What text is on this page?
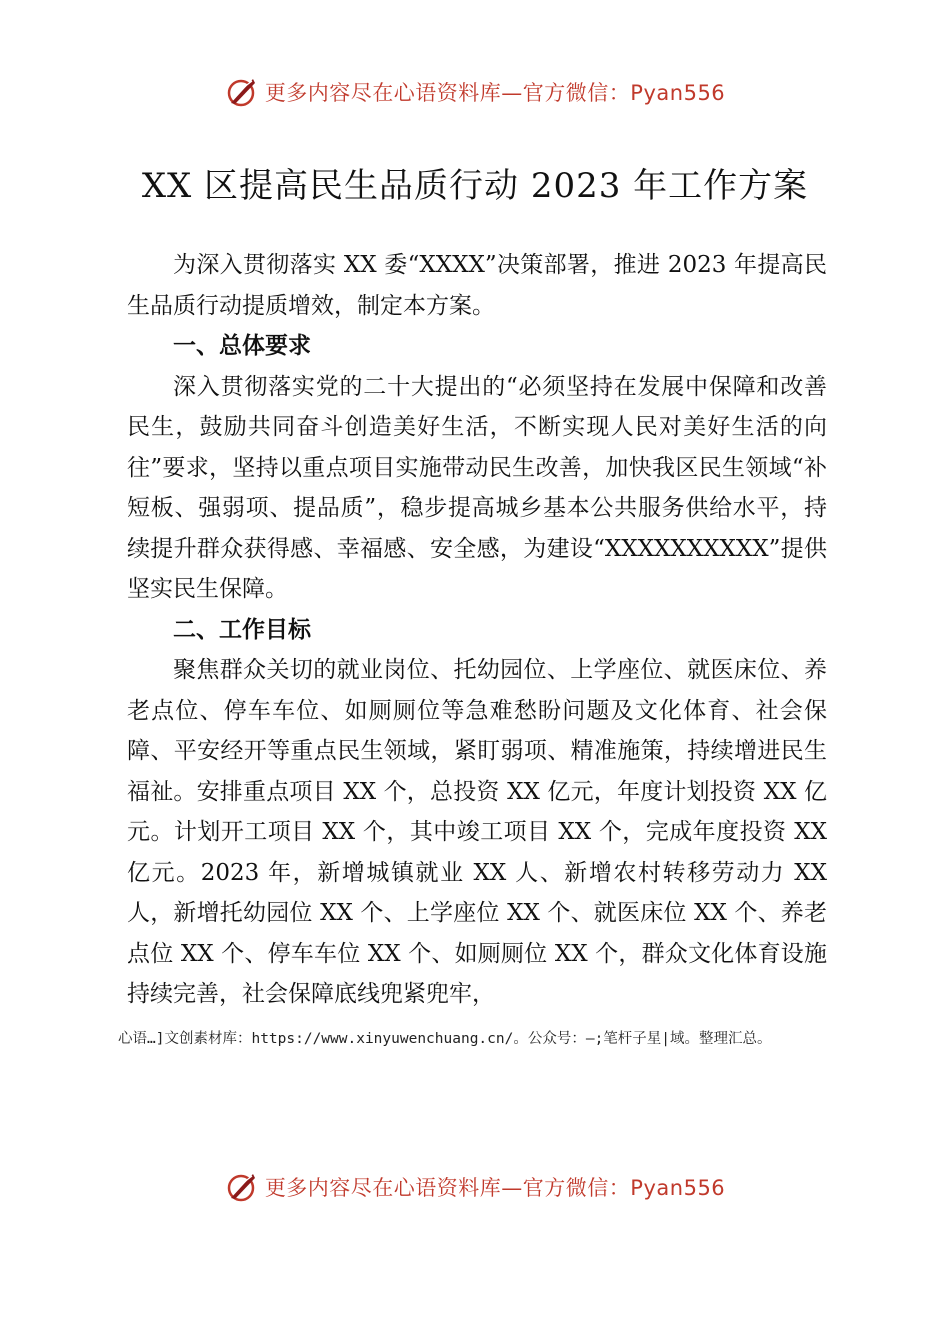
更多内容尽在心语资料库—官方微信：Pyan556
XX 区提高民生品质行动 2023 年工作方案

为深入贯彻落实 XX 委“XXXX”决策部署，推进 2023 年提高民生品质行动提质增效，制定本方案。

一、总体要求

深入贯彻落实党的二十大提出的“必须坚持在发展中保障和改善民生，鼓励共同奋斗创造美好生活，不断实现人民对美好生活的向往”要求，坚持以重点项目实施带动民生改善，加快我区民生领域“补短板、强弱项、提品质”，稳步提高城乡基本公共服务供给水平，持续提升群众获得感、幸福感、安全感，为建设“XXXXXXXXXX”提供坚实民生保障。

二、工作目标

聚焦群众关切的就业岗位、托幼园位、上学座位、就医床位、养老点位、停车车位、如厕厕位等急难愁盼问题及文化体育、社会保障、平安经开等重点民生领域，紧盯弱项、精准施策，持续增进民生福祉。安排重点项目 XX 个，总投资 XX 亿元，年度计划投资 XX 亿元。计划开工项目 XX 个，其中竣工项目 XX 个，完成年度投资 XX 亿元。2023 年，新增城镇就业 XX 人、新增农村转移劳动力 XX 人，新增托幼园位 XX 个、上学座位 XX 个、就医床位 XX 个、养老点位 XX 个、停车车位 XX 个、如厕厕位 XX 个，群众文化体育设施持续完善，社会保障底线兜紧兜牢，

心语…]文创素材库：https://www.xinyuwenchuang.cn/。公众号：—;笔杆子星|域。整理汇总。
更多内容尽在心语资料库—官方微信：Pyan556
